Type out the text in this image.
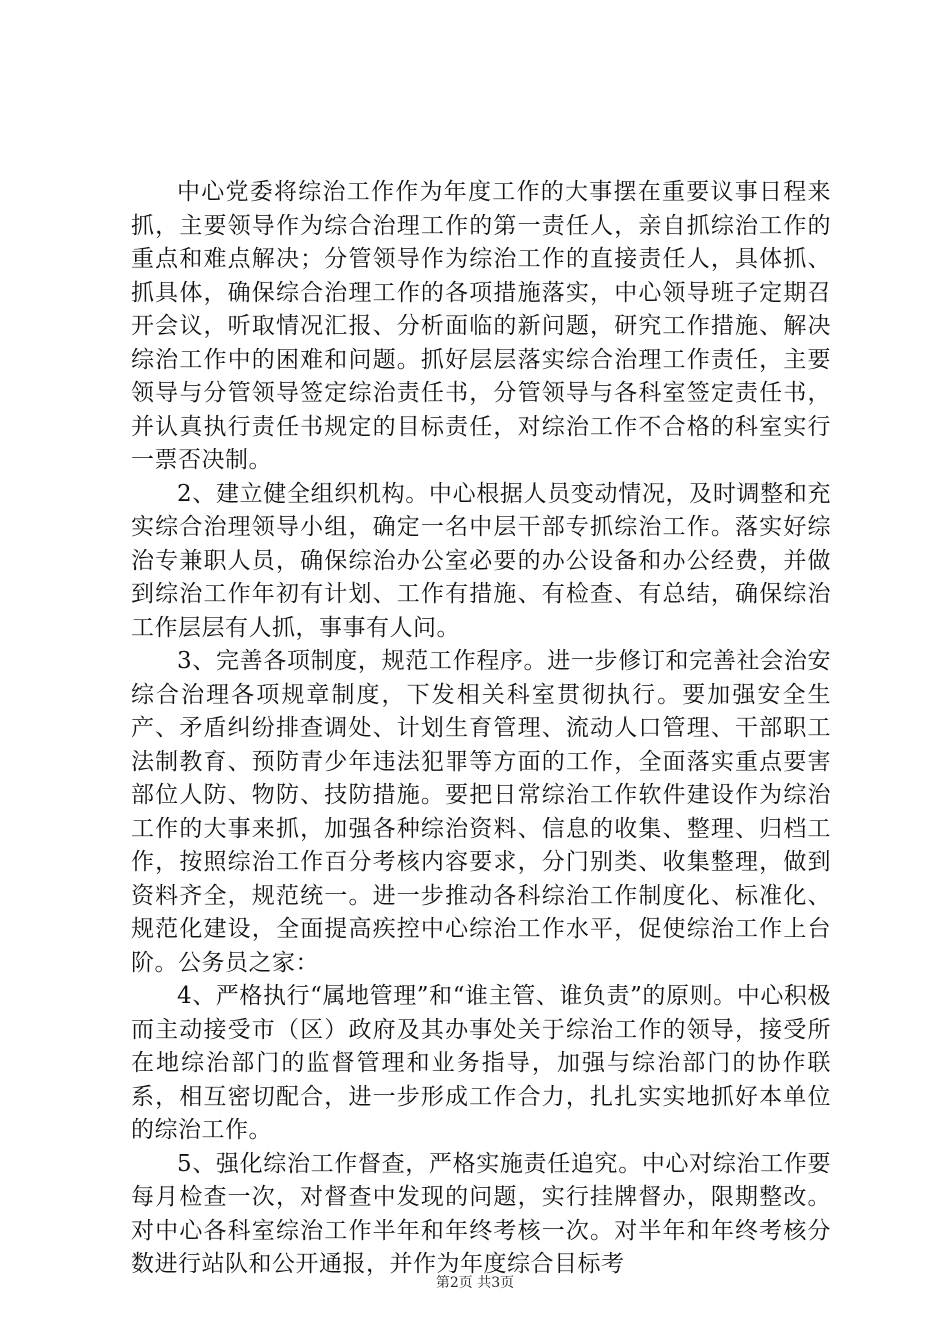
中心党委将综治工作作为年度工作的大事摆在重要议事日程来抓，主要领导作为综合治理工作的第一责任人，亲自抓综治工作的重点和难点解决；分管领导作为综治工作的直接责任人，具体抓、抓具体，确保综合治理工作的各项措施落实，中心领导班子定期召开会议，听取情况汇报、分析面临的新问题，研究工作措施、解决综治工作中的困难和问题。抓好层层落实综合治理工作责任，主要领导与分管领导签定综治责任书，分管领导与各科室签定责任书，并认真执行责任书规定的目标责任，对综治工作不合格的科室实行一票否决制。

2、建立健全组织机构。中心根据人员变动情况，及时调整和充实综合治理领导小组，确定一名中层干部专抓综治工作。落实好综治专兼职人员，确保综治办公室必要的办公设备和办公经费，并做到综治工作年初有计划、工作有措施、有检查、有总结，确保综治工作层层有人抓，事事有人问。

3、完善各项制度，规范工作程序。进一步修订和完善社会治安综合治理各项规章制度，下发相关科室贯彻执行。要加强安全生产、矛盾纠纷排查调处、计划生育管理、流动人口管理、干部职工法制教育、预防青少年违法犯罪等方面的工作，全面落实重点要害部位人防、物防、技防措施。要把日常综治工作软件建设作为综治工作的大事来抓，加强各种综治资料、信息的收集、整理、归档工作，按照综治工作百分考核内容要求，分门别类、收集整理，做到资料齐全，规范统一。进一步推动各科综治工作制度化、标准化、规范化建设，全面提高疾控中心综治工作水平，促使综治工作上台阶。公务员之家：

4、严格执行“属地管理”和“谁主管、谁负责”的原则。中心积极而主动接受市（区）政府及其办事处关于综治工作的领导，接受所在地综治部门的监督管理和业务指导，加强与综治部门的协作联系，相互密切配合，进一步形成工作合力，扎扎实实地抓好本单位的综治工作。

5、强化综治工作督查，严格实施责任追究。中心对综治工作要每月检查一次，对督查中发现的问题，实行挂牌督办，限期整改。对中心各科室综治工作半年和年终考核一次。对半年和年终考核分数进行站队和公开通报，并作为年度综合目标考

第2页 共3页
